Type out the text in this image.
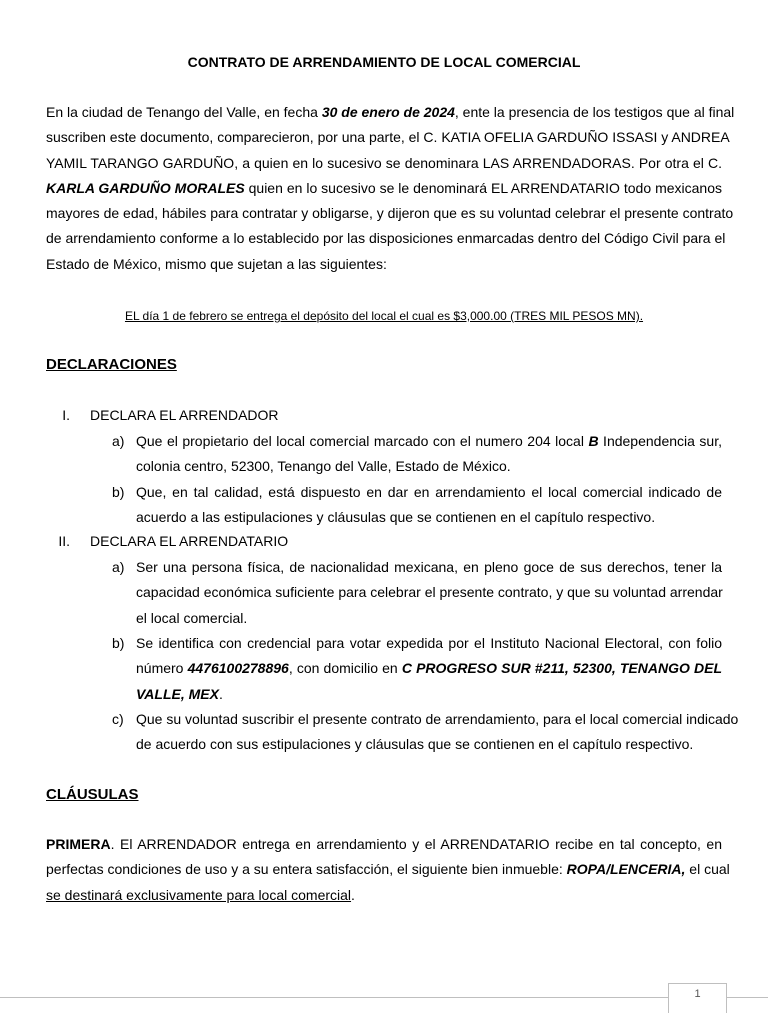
CONTRATO DE ARRENDAMIENTO DE LOCAL COMERCIAL
En la ciudad de Tenango del Valle, en fecha 30 de enero de 2024, ente la presencia de los testigos que al final
suscriben este documento, comparecieron, por una parte, el C. KATIA OFELIA GARDUÑO ISSASI y ANDREA
YAMIL TARANGO GARDUÑO, a quien en lo sucesivo se denominara LAS ARRENDADORAS. Por otra el C.
KARLA GARDUÑO MORALES quien en lo sucesivo se le denominará EL ARRENDATARIO todo mexicanos
mayores de edad, hábiles para contratar y obligarse, y dijeron que es su voluntad celebrar el presente contrato
de arrendamiento conforme a lo establecido por las disposiciones enmarcadas dentro del Código Civil para el
Estado de México, mismo que sujetan a las siguientes:
EL día 1 de febrero se entrega el depósito del local el cual es $3,000.00 (TRES MIL PESOS MN).
DECLARACIONES
I. DECLARA EL ARRENDADOR
a) Que el propietario del local comercial marcado con el numero 204 local B Independencia sur,
colonia centro, 52300, Tenango del Valle, Estado de México.
b) Que, en tal calidad, está dispuesto en dar en arrendamiento el local comercial indicado de
acuerdo a las estipulaciones y cláusulas que se contienen en el capítulo respectivo.
II. DECLARA EL ARRENDATARIO
a) Ser una persona física, de nacionalidad mexicana, en pleno goce de sus derechos, tener la
capacidad económica suficiente para celebrar el presente contrato, y que su voluntad arrendar
el local comercial.
b) Se identifica con credencial para votar expedida por el Instituto Nacional Electoral, con folio
número 4476100278896, con domicilio en C PROGRESO SUR #211, 52300, TENANGO DEL
VALLE, MEX.
c) Que su voluntad suscribir el presente contrato de arrendamiento, para el local comercial indicado
de acuerdo con sus estipulaciones y cláusulas que se contienen en el capítulo respectivo.
CLÁUSULAS
PRIMERA. El ARRENDADOR entrega en arrendamiento y el ARRENDATARIO recibe en tal concepto, en
perfectas condiciones de uso y a su entera satisfacción, el siguiente bien inmueble: ROPA/LENCERIA, el cual
se destinará exclusivamente para local comercial.
1
